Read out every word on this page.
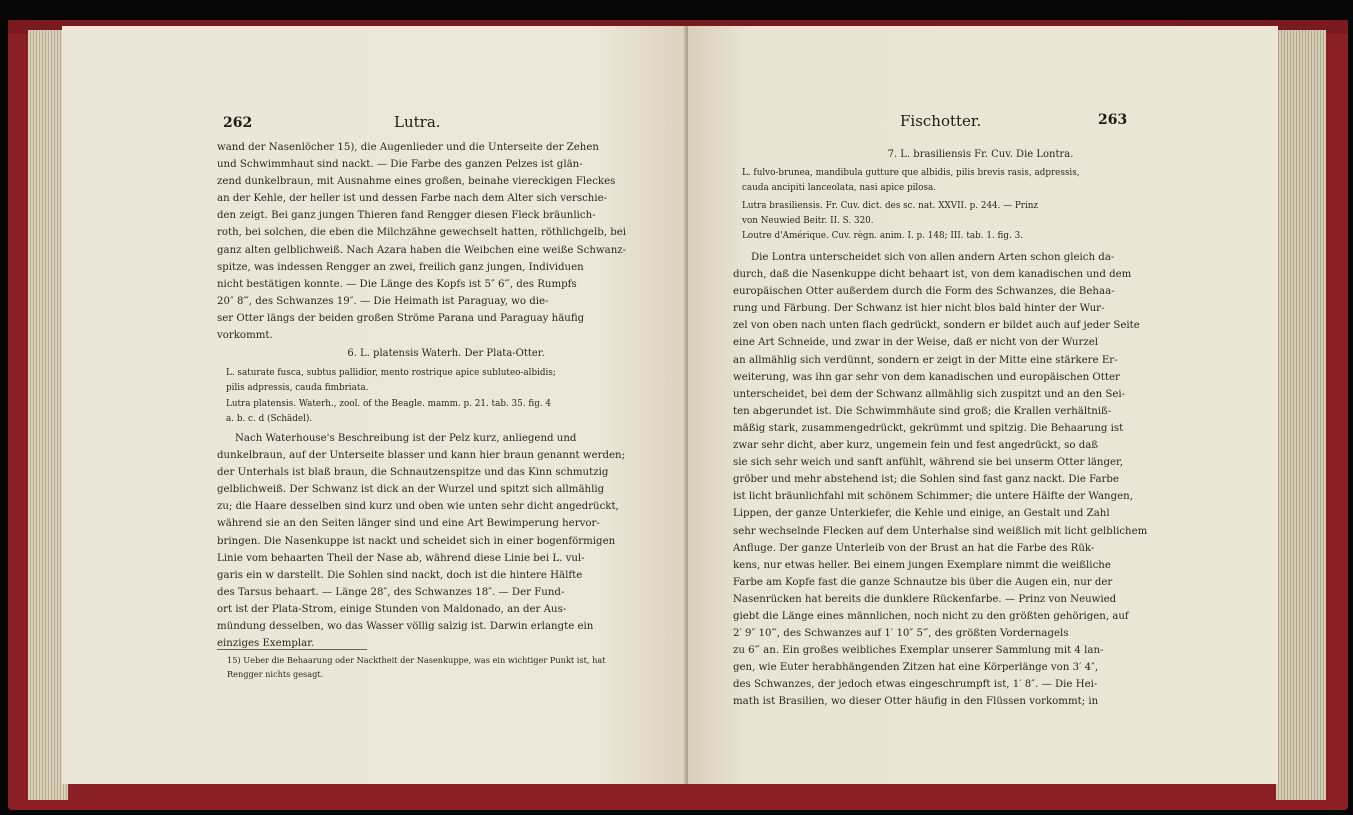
262	Lutra.
wand der Nasenlöcher 15), die Augenlieder und die Unterseite der Zehen
und Schwimmhaut sind nackt. — Die Farbe des ganzen Pelzes ist glän-
zend dunkelbraun, mit Ausnahme eines großen, beinahe viereckigen Fleckes
an der Kehle, der heller ist und dessen Farbe nach dem Alter sich verschie-
den zeigt. Bei ganz jungen Thieren fand Rengger diesen Fleck bräunlich-
roth, bei solchen, die eben die Milchzähne gewechselt hatten, röthlichgelb, bei
ganz alten gelblichweiß. Nach Azara haben die Weibchen eine weiße Schwanz-
spitze, was indessen Rengger an zwei, freilich ganz jungen, Individuen
nicht bestätigen konnte. — Die Länge des Kopfs ist 5″ 6‴, des Rumpfs
20″ 8‴, des Schwanzes 19″. — Die Heimath ist Paraguay, wo die-
ser Otter längs der beiden großen Ströme Parana und Paraguay häufig
vorkommt.
6. L. platensis Waterh. Der Plata-Otter.
L. saturate fusca, subtus pallidior, mento rostrique apice subluteo-albidis;
pilis adpressis, cauda fimbriata.
Lutra platensis. Waterh., zool. of the Beagle. mamm. p. 21. tab. 35. fig. 4
a. b. c. d (Schädel).
Nach Waterhouse's Beschreibung ist der Pelz kurz, anliegend und
dunkelbraun, auf der Unterseite blasser und kann hier braun genannt werden;
der Unterhals ist blaß braun, die Schnautzenspitze und das Kinn schmutzig
gelblichweiß. Der Schwanz ist dick an der Wurzel und spitzt sich allmählig
zu; die Haare desselben sind kurz und oben wie unten sehr dicht angedrückt,
während sie an den Seiten länger sind und eine Art Bewimperung hervor-
bringen. Die Nasenkuppe ist nackt und scheidet sich in einer bogenförmigen
Linie vom behaarten Theil der Nase ab, während diese Linie bei L. vul-
garis ein w darstellt. Die Sohlen sind nackt, doch ist die hintere Hälfte
des Tarsus behaart. — Länge 28″, des Schwanzes 18″. — Der Fund-
ort ist der Plata-Strom, einige Stunden von Maldonado, an der Aus-
mündung desselben, wo das Wasser völlig salzig ist. Darwin erlangte ein
einziges Exemplar.
15) Ueber die Behaarung oder Nacktheit der Nasenkuppe, was ein wichtiger Punkt ist, hat
Rengger nichts gesagt.
Fischotter.	263
7. L. brasiliensis Fr. Cuv. Die Lontra.
L. fulvo-brunea, mandibula gutture que albidis, pilis brevis rasis, adpressis,
cauda ancipiti lanceolata, nasi apice pilosa.
Lutra brasiliensis. Fr. Cuv. dict. des sc. nat. XXVII. p. 244. — Prinz
von Neuwied Beitr. II. S. 320.
Loutre d'Amérique. Cuv. règn. anim. I. p. 148; III. tab. 1. fig. 3.
Die Lontra unterscheidet sich von allen andern Arten schon gleich da-
durch, daß die Nasenkuppe dicht behaart ist, von dem kanadischen und dem
europäischen Otter außerdem durch die Form des Schwanzes, die Behaa-
rung und Färbung. Der Schwanz ist hier nicht blos bald hinter der Wur-
zel von oben nach unten flach gedrückt, sondern er bildet auch auf jeder Seite
eine Art Schneide, und zwar in der Weise, daß er nicht von der Wurzel
an allmählig sich verdünnt, sondern er zeigt in der Mitte eine stärkere Er-
weiterung, was ihn gar sehr von dem kanadischen und europäischen Otter
unterscheidet, bei dem der Schwanz allmählig sich zuspitzt und an den Sei-
ten abgerundet ist. Die Schwimmhäute sind groß; die Krallen verhältniß-
mäßig stark, zusammengedrückt, gekrümmt und spitzig. Die Behaarung ist
zwar sehr dicht, aber kurz, ungemein fein und fest angedrückt, so daß
sie sich sehr weich und sanft anfühlt, während sie bei unserm Otter länger,
gröber und mehr abstehend ist; die Sohlen sind fast ganz nackt. Die Farbe
ist licht bräunlichfahl mit schönem Schimmer; die untere Hälfte der Wangen,
Lippen, der ganze Unterkiefer, die Kehle und einige, an Gestalt und Zahl
sehr wechselnde Flecken auf dem Unterhalse sind weißlich mit licht gelblichem
Anfluge. Der ganze Unterleib von der Brust an hat die Farbe des Rük-
kens, nur etwas heller. Bei einem jungen Exemplare nimmt die weißliche
Farbe am Kopfe fast die ganze Schnautze bis über die Augen ein, nur der
Nasenrücken hat bereits die dunklere Rückenfarbe. — Prinz von Neuwied
giebt die Länge eines männlichen, noch nicht zu den größten gehörigen, auf
2′ 9″ 10‴, des Schwanzes auf 1′ 10″ 5‴, des größten Vordernagels
zu 6‴ an. Ein großes weibliches Exemplar unserer Sammlung mit 4 lan-
gen, wie Euter herabhängenden Zitzen hat eine Körperlänge von 3′ 4″,
des Schwanzes, der jedoch etwas eingeschrumpft ist, 1′ 8″. — Die Hei-
math ist Brasilien, wo dieser Otter häufig in den Flüssen vorkommt; in
